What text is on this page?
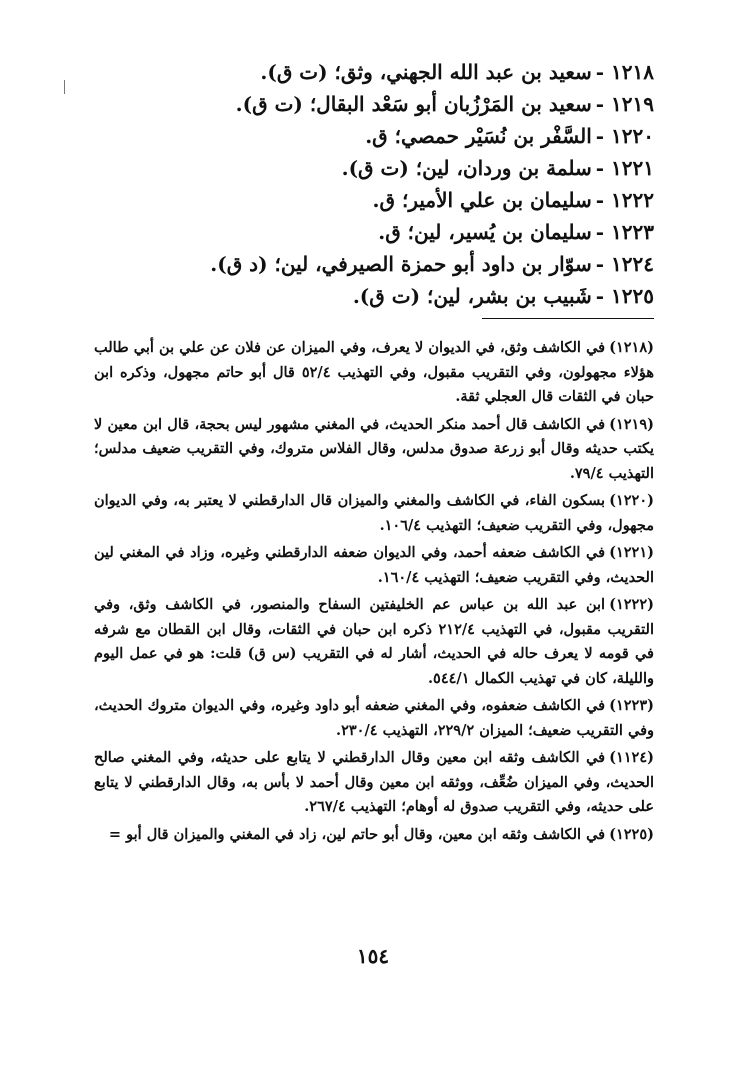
١٢١٨ -سعيد بن عبد الله الجهني، وثق؛ (ت ق).
١٢١٩ -سعيد بن المَرْزُبان أبو سَعْد البقال؛ (ت ق).
١٢٢٠ -السَّفْر بن نُسَيْر حمصي؛ ق.
١٢٢١ -سلمة بن وردان، لين؛ (ت ق).
١٢٢٢ -سليمان بن علي الأمير؛ ق.
١٢٢٣ -سليمان بن يُسير، لين؛ ق.
١٢٢٤ -سوّار بن داود أبو حمزة الصيرفي، لين؛ (د ق).
١٢٢٥ -شَبيب بن بشر، لين؛ (ت ق).

(١٢١٨)في الكاشف وثق، في الديوان لا يعرف، وفي الميزان عن فلان عن علي بن أبي طالب هؤلاء مجهولون، وفي التقريب مقبول، وفي التهذيب ٥٢/٤ قال أبو حاتم مجهول، وذكره ابن حبان في الثقات قال العجلي ثقة.

(١٢١٩)في الكاشف قال أحمد منكر الحديث، في المغني مشهور ليس بحجة، قال ابن معين لا يكتب حديثه وقال أبو زرعة صدوق مدلس، وقال الفلاس متروك، وفي التقريب ضعيف مدلس؛ التهذيب ٧٩/٤.

(١٢٢٠)بسكون الفاء، في الكاشف والمغني والميزان قال الدارقطني لا يعتبر به، وفي الديوان مجهول، وفي التقريب ضعيف؛ التهذيب ١٠٦/٤.

(١٢٢١)في الكاشف ضعفه أحمد، وفي الديوان ضعفه الدارقطني وغيره، وزاد في المغني لين الحديث، وفي التقريب ضعيف؛ التهذيب ١٦٠/٤.

(١٢٢٢)ابن عبد الله بن عباس عم الخليفتين السفاح والمنصور، في الكاشف وثق، وفي التقريب مقبول، في التهذيب ٢١٢/٤ ذكره ابن حبان في الثقات، وقال ابن القطان مع شرفه في قومه لا يعرف حاله في الحديث، أشار له في التقريب (س ق) قلت: هو في عمل اليوم والليلة، كان في تهذيب الكمال ٥٤٤/١.

(١٢٢٣)في الكاشف ضعفوه، وفي المغني ضعفه أبو داود وغيره، وفي الديوان متروك الحديث، وفي التقريب ضعيف؛ الميزان ٢٢٩/٢، التهذيب ٢٣٠/٤.

(١١٢٤)في الكاشف وثقه ابن معين وقال الدارقطني لا يتابع على حديثه، وفي المغني صالح الحديث، وفي الميزان ضُعِّف، ووثقه ابن معين وقال أحمد لا بأس به، وقال الدارقطني لا يتابع على حديثه، وفي التقريب صدوق له أوهام؛ التهذيب ٢٦٧/٤.

(١٢٢٥)في الكاشف وثقه ابن معين، وقال أبو حاتم لين، زاد في المغني والميزان قال أبو =

١٥٤
